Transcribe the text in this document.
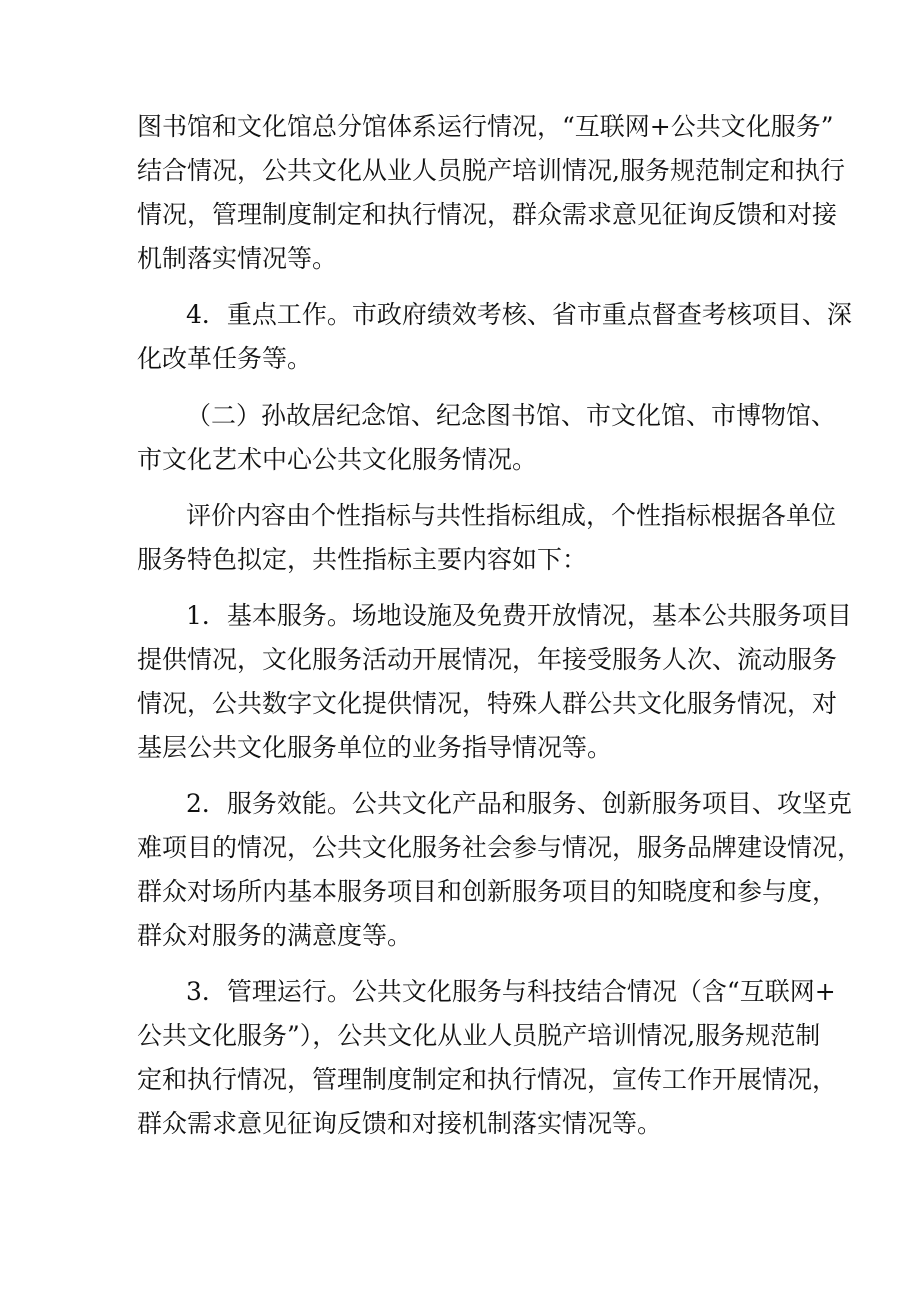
图书馆和文化馆总分馆体系运行情况，“互联网+公共文化服务”
结合情况，公共文化从业人员脱产培训情况,服务规范制定和执行
情况，管理制度制定和执行情况，群众需求意见征询反馈和对接
机制落实情况等。
4．重点工作。市政府绩效考核、省市重点督查考核项目、深
化改革任务等。
（二）孙故居纪念馆、纪念图书馆、市文化馆、市博物馆、
市文化艺术中心公共文化服务情况。
评价内容由个性指标与共性指标组成，个性指标根据各单位
服务特色拟定，共性指标主要内容如下：
1．基本服务。场地设施及免费开放情况，基本公共服务项目
提供情况，文化服务活动开展情况，年接受服务人次、流动服务
情况，公共数字文化提供情况，特殊人群公共文化服务情况，对
基层公共文化服务单位的业务指导情况等。
2．服务效能。公共文化产品和服务、创新服务项目、攻坚克
难项目的情况，公共文化服务社会参与情况，服务品牌建设情况，
群众对场所内基本服务项目和创新服务项目的知晓度和参与度，
群众对服务的满意度等。
3．管理运行。公共文化服务与科技结合情况（含“互联网+
公共文化服务”），公共文化从业人员脱产培训情况,服务规范制
定和执行情况，管理制度制定和执行情况，宣传工作开展情况，
群众需求意见征询反馈和对接机制落实情况等。
